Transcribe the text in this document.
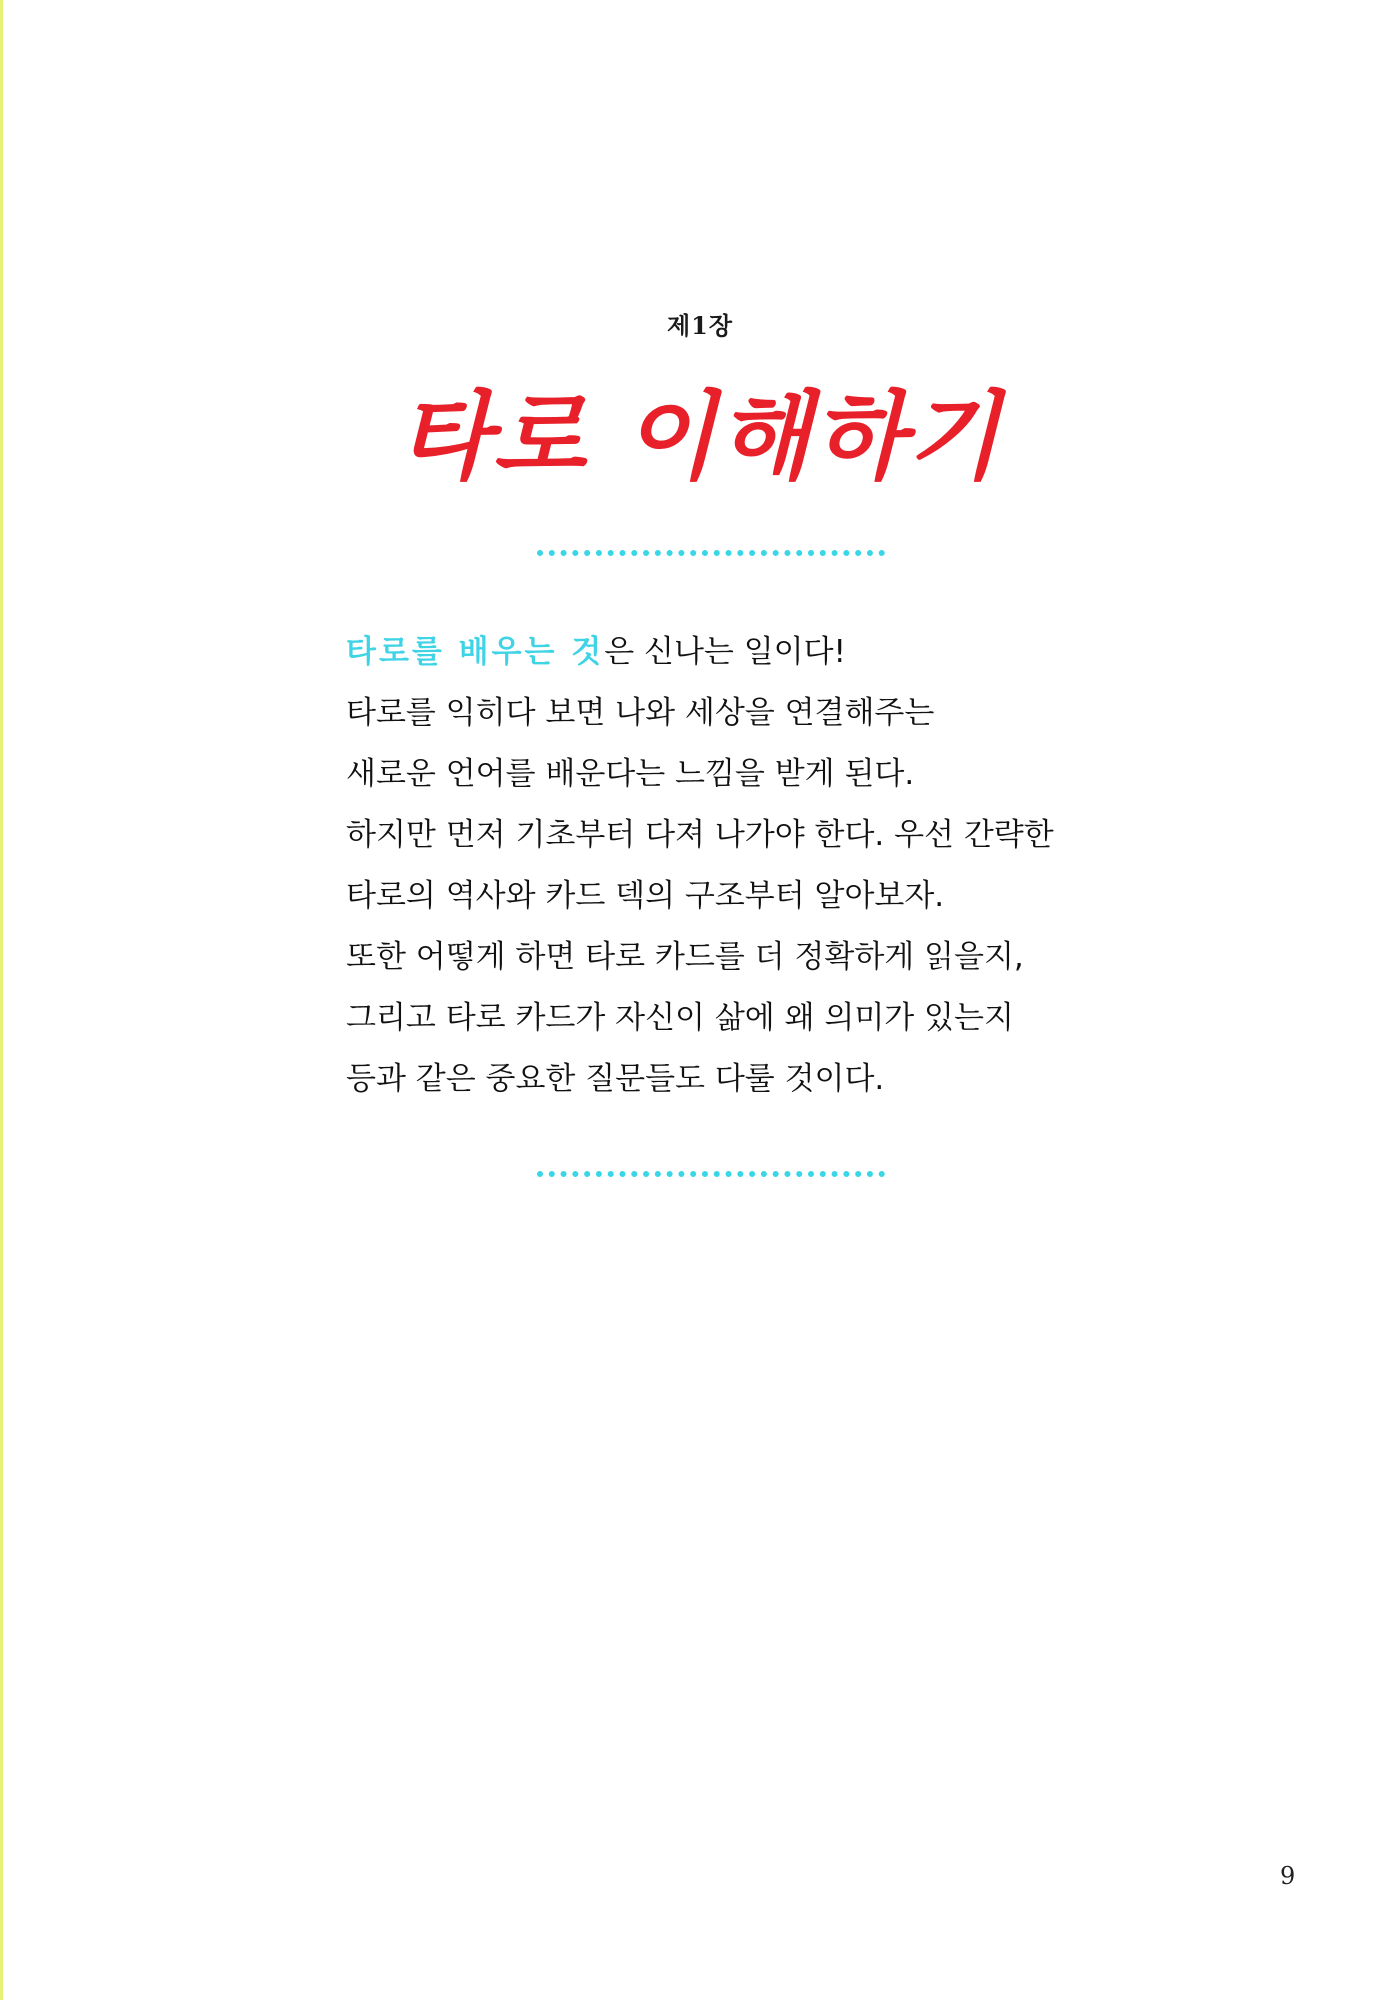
제1장
타로 이해하기

타로를 배우는 것은 신나는 일이다!

타로를 익히다 보면 나와 세상을 연결해주는

새로운 언어를 배운다는 느낌을 받게 된다.

하지만 먼저 기초부터 다져 나가야 한다. 우선 간략한

타로의 역사와 카드 덱의 구조부터 알아보자.

또한 어떻게 하면 타로 카드를 더 정확하게 읽을지,

그리고 타로 카드가 자신이 삶에 왜 의미가 있는지

등과 같은 중요한 질문들도 다룰 것이다.

9
